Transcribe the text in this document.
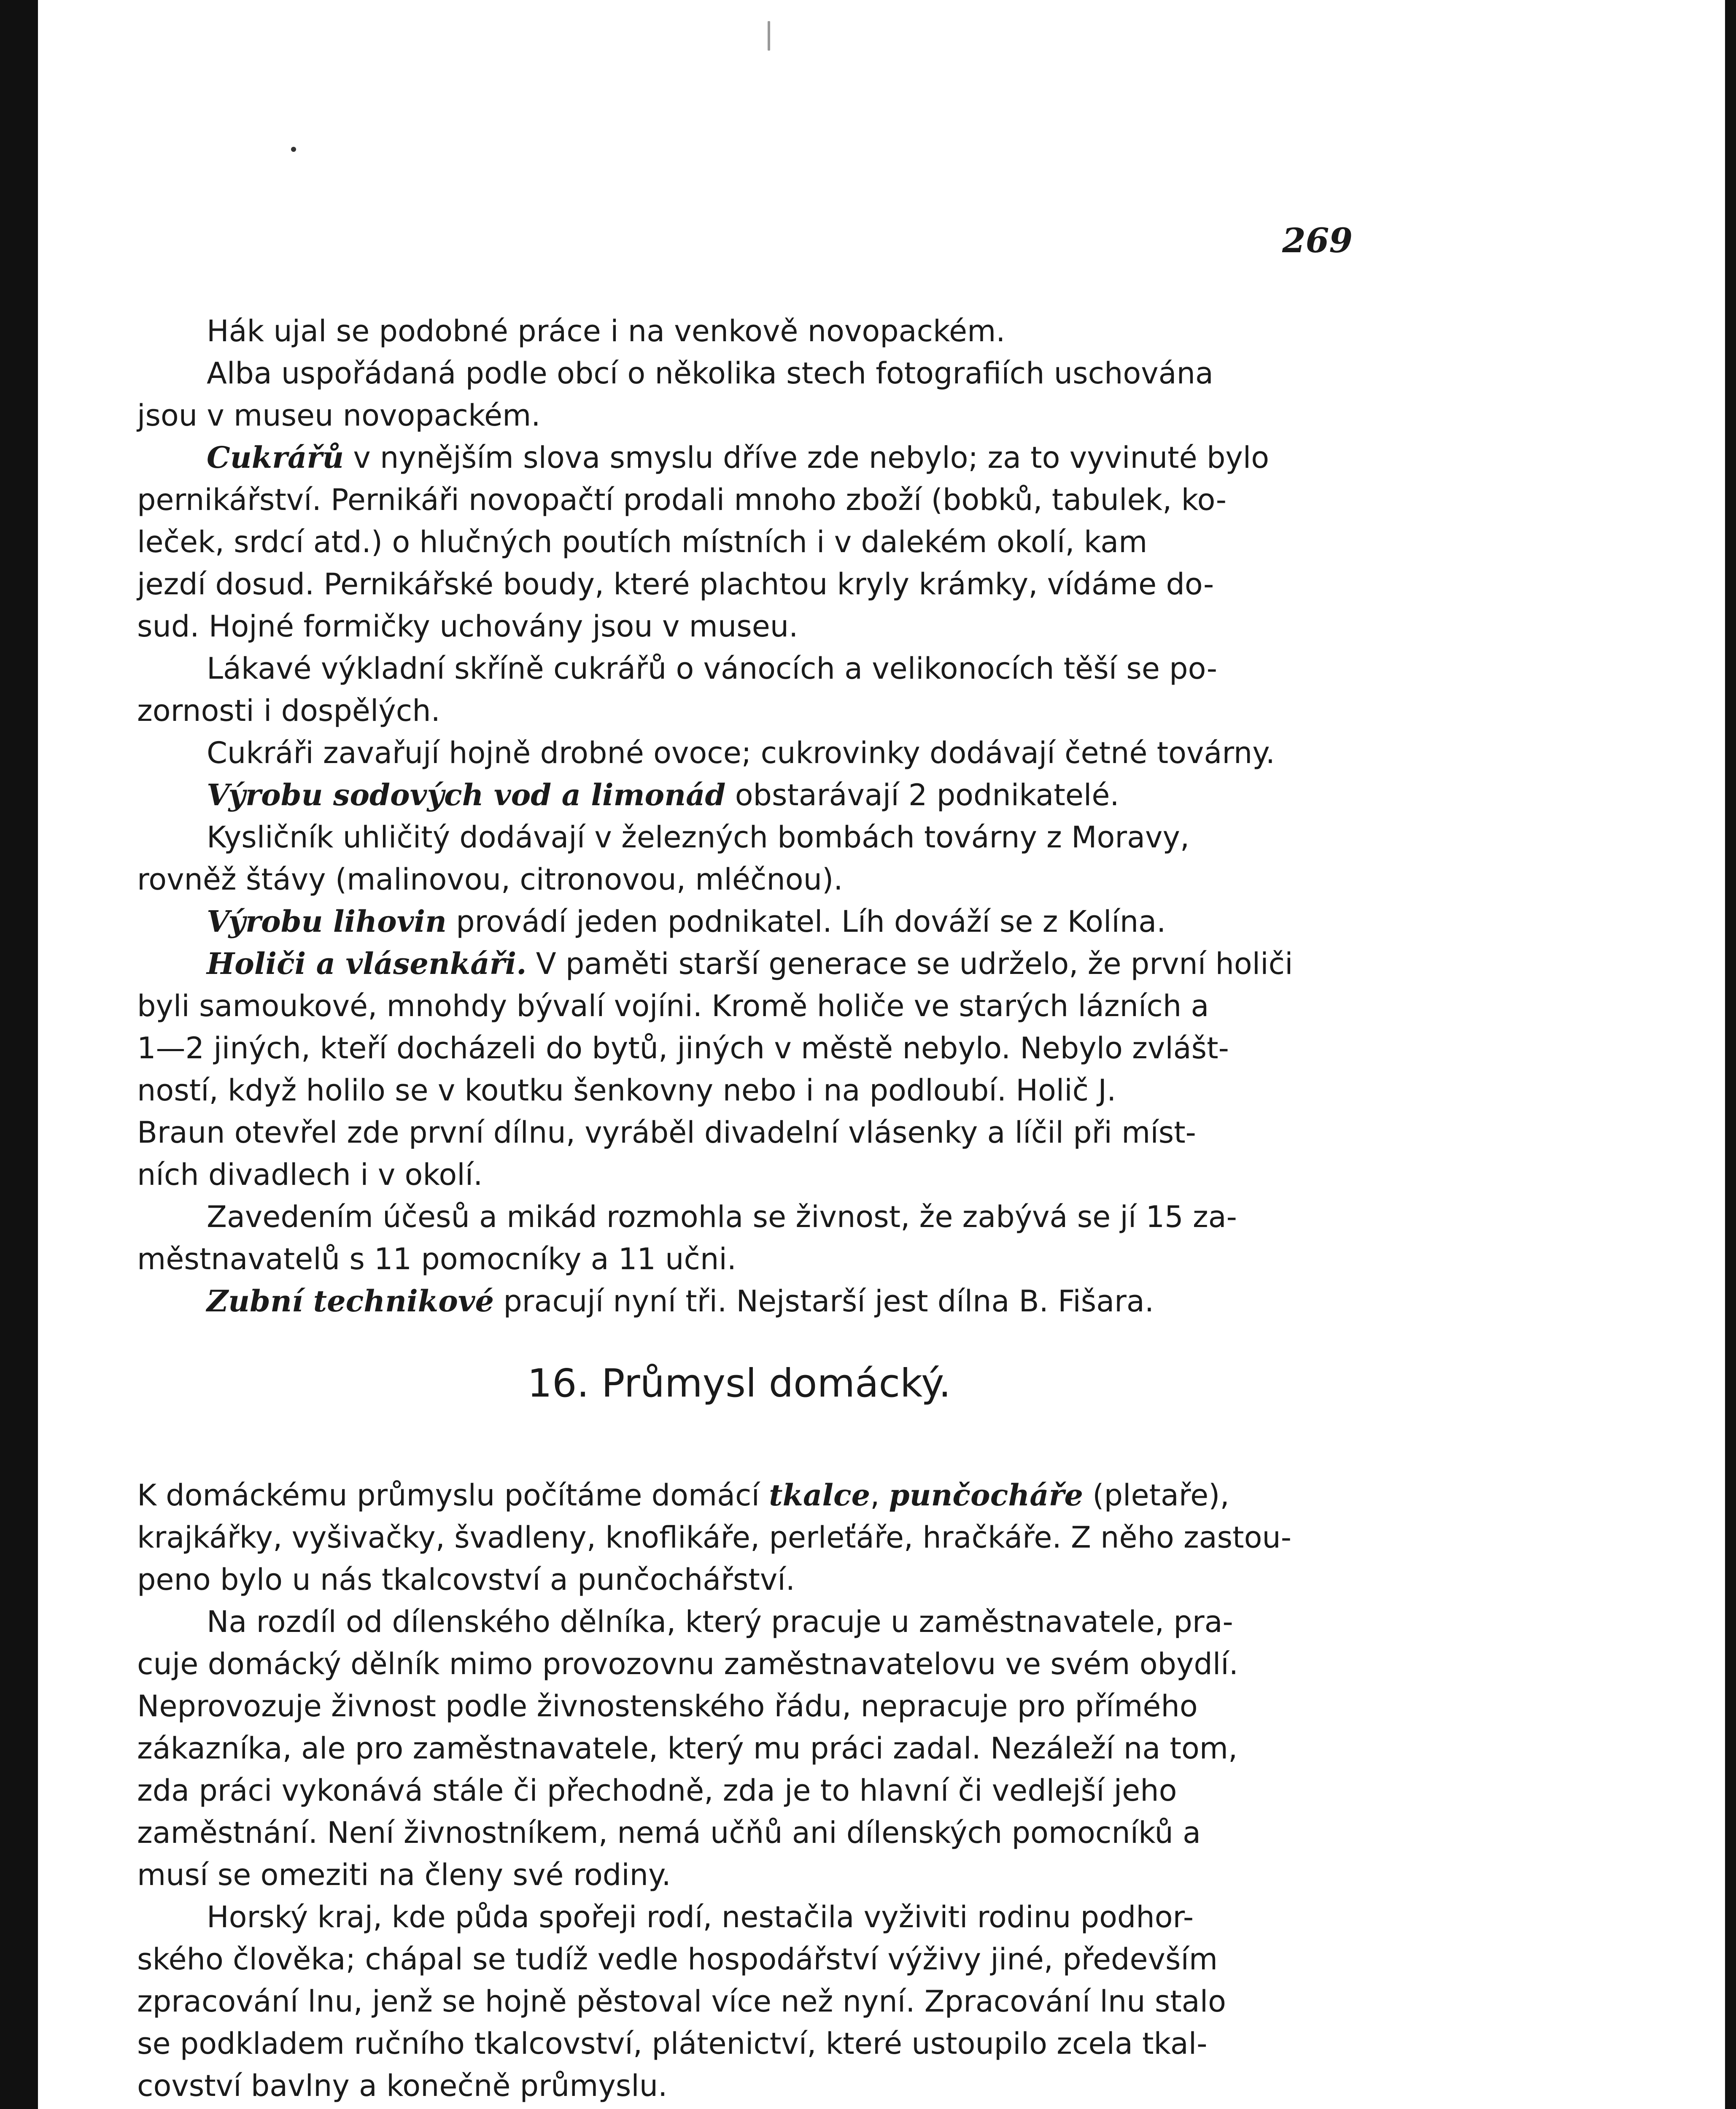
269

Hák ujal se podobné práce i na venkově novopackém.

Alba uspořádaná podle obcí o několika stech fotografiích uschována
jsou v museu novopackém.

Cukrářů v nynějším slova smyslu dříve zde nebylo; za to vyvinuté bylo
pernikářství. Pernikáři novopačtí prodali mnoho zboží (bobků, tabulek, ko-
leček, srdcí atd.) o hlučných poutích místních i v dalekém okolí, kam
jezdí dosud. Pernikářské boudy, které plachtou kryly krámky, vídáme do-
sud. Hojné formičky uchovány jsou v museu.

Lákavé výkladní skříně cukrářů o vánocích a velikonocích těší se po-
zornosti i dospělých.

Cukráři zavařují hojně drobné ovoce; cukrovinky dodávají četné továrny.

Výrobu sodových vod a limonád obstarávají 2 podnikatelé.

Kysličník uhličitý dodávají v železných bombách továrny z Moravy,
rovněž štávy (malinovou, citronovou, mléčnou).

Výrobu lihovin provádí jeden podnikatel. Líh dováží se z Kolína.

Holiči a vlásenkáři. V paměti starší generace se udrželo, že první holiči
byli samoukové, mnohdy bývalí vojíni. Kromě holiče ve starých lázních a
1—2 jiných, kteří docházeli do bytů, jiných v městě nebylo. Nebylo zvlášt-
ností, když holilo se v koutku šenkovny nebo i na podloubí. Holič J.
Braun otevřel zde první dílnu, vyráběl divadelní vlásenky a líčil při míst-
ních divadlech i v okolí.

Zavedením účesů a mikád rozmohla se živnost, že zabývá se jí 15 za-
městnavatelů s 11 pomocníky a 11 učni.

Zubní technikové pracují nyní tři. Nejstarší jest dílna B. Fišara.

16. Průmysl domácký.

K domáckému průmyslu počítáme domácí tkalce, punčocháře (pletaře),
krajkářky, vyšivačky, švadleny, knoflikáře, perleťáře, hračkáře. Z něho zastou-
peno bylo u nás tkalcovství a punčochářství.

Na rozdíl od dílenského dělníka, který pracuje u zaměstnavatele, pra-
cuje domácký dělník mimo provozovnu zaměstnavatelovu ve svém obydlí.
Neprovozuje živnost podle živnostenského řádu, nepracuje pro přímého
zákazníka, ale pro zaměstnavatele, který mu práci zadal. Nezáleží na tom,
zda práci vykonává stále či přechodně, zda je to hlavní či vedlejší jeho
zaměstnání. Není živnostníkem, nemá učňů ani dílenských pomocníků a
musí se omeziti na členy své rodiny.

Horský kraj, kde půda spořeji rodí, nestačila vyživiti rodinu podhor-
ského člověka; chápal se tudíž vedle hospodářství výživy jiné, především
zpracování lnu, jenž se hojně pěstoval více než nyní. Zpracování lnu stalo
se podkladem ručního tkalcovství, plátenictví, které ustoupilo zcela tkal-
covství bavlny a konečně průmyslu.
